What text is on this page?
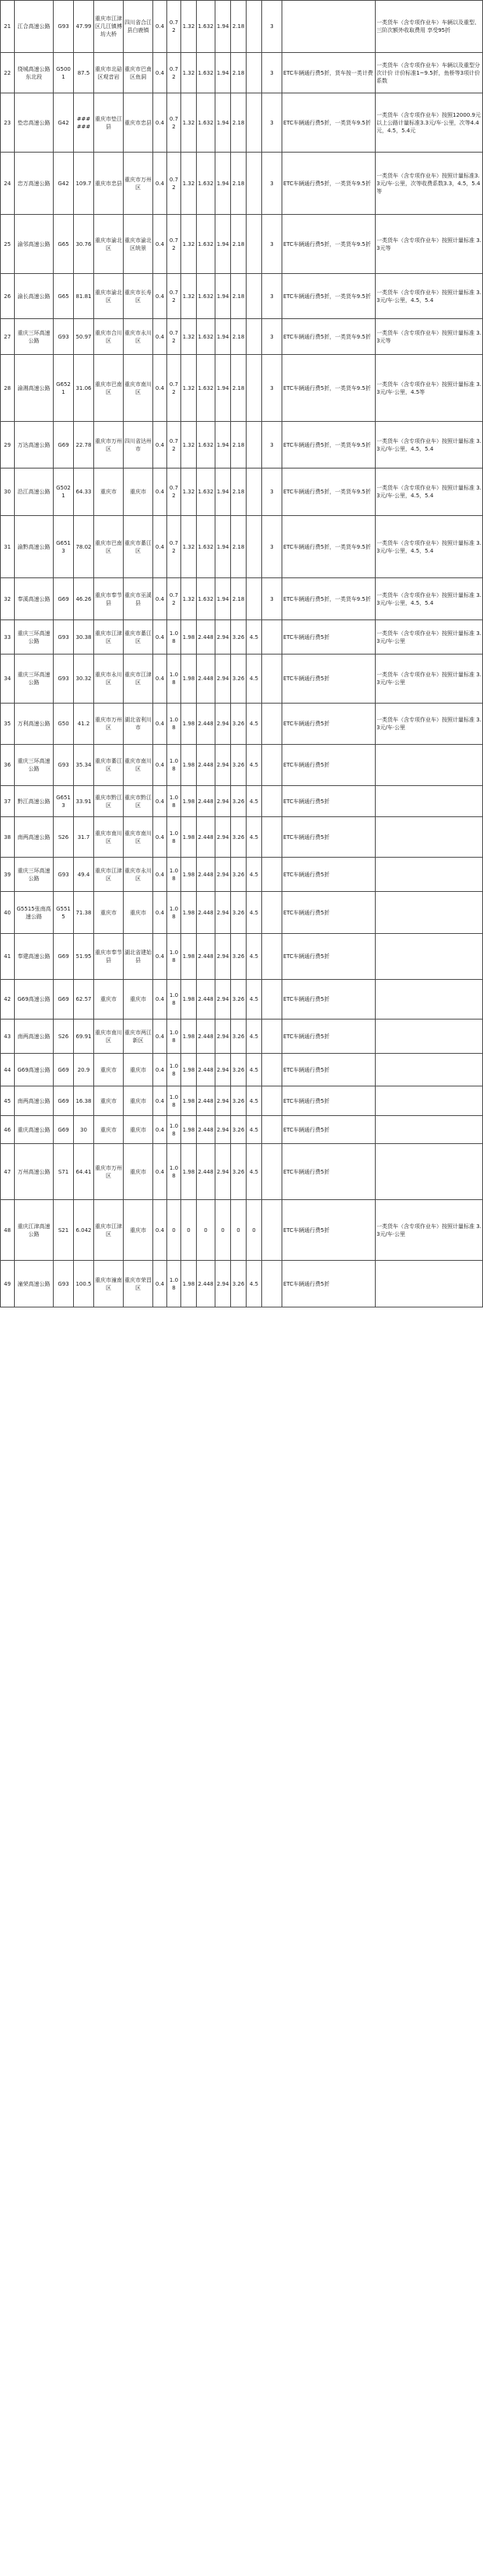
21	江合高速公路	G93	47.99	重庆市江津区几江镇傅坊大桥	四川省合江县白鹿镇	0.4	0.72	1.32	1.632	1.94	2.18		3		一类货车（含专项作业车）车辆以及重型、三阶次额外收取费用 享受95折
22	绕城高速公路东北段	G5001	87.5	重庆市北碚区观音岩	重庆市巴南区鱼洞	0.4	0.72	1.32	1.632	1.94	2.18		3	ETC车辆通行费5折，货车按一类计费	一类货车（含专项作业车）车辆以及重型分次计价 计价标准1~9.5折，鱼桥等3项计价系数
23	垫忠高速公路	G42	######	重庆市垫江县	重庆市忠县	0.4	0.72	1.32	1.632	1.94	2.18		3	ETC车辆通行费5折，一类货车9.5折	一类货车（含专项作业车）按照12000.9元以上公路计量标准3.3元/车·公里，次等4.4元，4.5，5.4元
24	忠万高速公路	G42	109.7	重庆市忠县	重庆市万州区	0.4	0.72	1.32	1.632	1.94	2.18		3	ETC车辆通行费5折，一类货车9.5折	一类货车（含专项作业车）按照计量标准3.3元/车·公里，次等收费系数3.3，4.5，5.4等
25	渝邻高速公路	G65	30.76	重庆市渝北区	重庆市渝北区统景	0.4	0.72	1.32	1.632	1.94	2.18		3	ETC车辆通行费5折，一类货车9.5折	一类货车（含专项作业车）按照计量标准 3.3元等
26	渝长高速公路	G65	81.81	重庆市渝北区	重庆市长寿区	0.4	0.72	1.32	1.632	1.94	2.18		3	ETC车辆通行费5折，一类货车9.5折	一类货车（含专项作业车）按照计量标准 3.3元/车·公里，4.5，5.4
27	重庆三环高速公路	G93	50.97	重庆市合川区	重庆市永川区	0.4	0.72	1.32	1.632	1.94	2.18		3	ETC车辆通行费5折，一类货车9.5折	一类货车（含专项作业车）按照计量标准 3.3元等
28	渝湘高速公路	G6521	31.06	重庆市巴南区	重庆市南川区	0.4	0.72	1.32	1.632	1.94	2.18		3	ETC车辆通行费5折，一类货车9.5折	一类货车（含专项作业车）按照计量标准 3.3元/车·公里，4.5等
29	万达高速公路	G69	22.78	重庆市万州区	四川省达州市	0.4	0.72	1.32	1.632	1.94	2.18		3	ETC车辆通行费5折，一类货车9.5折	一类货车（含专项作业车）按照计量标准 3.3元/车·公里，4.5，5.4
30	沿江高速公路	G5021	64.33	重庆市	重庆市	0.4	0.72	1.32	1.632	1.94	2.18		3	ETC车辆通行费5折，一类货车9.5折	一类货车（含专项作业车）按照计量标准 3.3元/车·公里，4.5，5.4
31	渝黔高速公路	G6513	78.02	重庆市巴南区	重庆市綦江区	0.4	0.72	1.32	1.632	1.94	2.18		3	ETC车辆通行费5折，一类货车9.5折	一类货车（含专项作业车）按照计量标准 3.3元/车·公里，4.5，5.4
32	奉溪高速公路	G69	46.26	重庆市奉节县	重庆市巫溪县	0.4	0.72	1.32	1.632	1.94	2.18		3	ETC车辆通行费5折，一类货车9.5折	一类货车（含专项作业车）按照计量标准 3.3元/车·公里，4.5，5.4
33	重庆三环高速公路	G93	30.38	重庆市江津区	重庆市綦江区	0.4	1.08	1.98	2.448	2.94	3.26	4.5		ETC车辆通行费5折	一类货车（含专项作业车）按照计量标准 3.3元/车·公里
34	重庆三环高速公路	G93	30.32	重庆市永川区	重庆市江津区	0.4	1.08	1.98	2.448	2.94	3.26	4.5		ETC车辆通行费5折	一类货车（含专项作业车）按照计量标准 3.3元/车·公里
35	万利高速公路	G50	41.2	重庆市万州区	湖北省利川市	0.4	1.08	1.98	2.448	2.94	3.26	4.5		ETC车辆通行费5折	一类货车（含专项作业车）按照计量标准 3.3元/车·公里
36	重庆三环高速公路	G93	35.34	重庆市綦江区	重庆市南川区	0.4	1.08	1.98	2.448	2.94	3.26	4.5		ETC车辆通行费5折	
37	黔江高速公路	G6513	33.91	重庆市黔江区	重庆市黔江区	0.4	1.08	1.98	2.448	2.94	3.26	4.5		ETC车辆通行费5折	
38	南两高速公路	S26	31.7	重庆市南川区	重庆市南川区	0.4	1.08	1.98	2.448	2.94	3.26	4.5		ETC车辆通行费5折	
39	重庆三环高速公路	G93	49.4	重庆市江津区	重庆市永川区	0.4	1.08	1.98	2.448	2.94	3.26	4.5		ETC车辆通行费5折	
40	G5515张南高速公路	G5515	71.38	重庆市	重庆市	0.4	1.08	1.98	2.448	2.94	3.26	4.5		ETC车辆通行费5折	
41	奉建高速公路	G69	51.95	重庆市奉节县	湖北省建始县	0.4	1.08	1.98	2.448	2.94	3.26	4.5		ETC车辆通行费5折	
42	G69高速公路	G69	62.57	重庆市	重庆市	0.4	1.08	1.98	2.448	2.94	3.26	4.5		ETC车辆通行费5折	
43	南两高速公路	S26	69.91	重庆市南川区	重庆市两江新区	0.4	1.08	1.98	2.448	2.94	3.26	4.5		ETC车辆通行费5折	
44	G69高速公路	G69	20.9	重庆市	重庆市	0.4	1.08	1.98	2.448	2.94	3.26	4.5		ETC车辆通行费5折	
45	南两高速公路	G69	16.38	重庆市	重庆市	0.4	1.08	1.98	2.448	2.94	3.26	4.5		ETC车辆通行费5折	
46	重庆高速公路	G69	30	重庆市	重庆市	0.4	1.08	1.98	2.448	2.94	3.26	4.5		ETC车辆通行费5折	
47	万州高速公路	S71	64.41	重庆市万州区	重庆市	0.4	1.08	1.98	2.448	2.94	3.26	4.5		ETC车辆通行费5折	
48	重庆江津高速公路	S21	6.042	重庆市江津区	重庆市	0.4	0	0	0	0	0	0		ETC车辆通行费5折	一类货车（含专项作业车）按照计量标准 3.3元/车·公里
49	潼荣高速公路	G93	100.5	重庆市潼南区	重庆市荣昌区	0.4	1.08	1.98	2.448	2.94	3.26	4.5		ETC车辆通行费5折	
